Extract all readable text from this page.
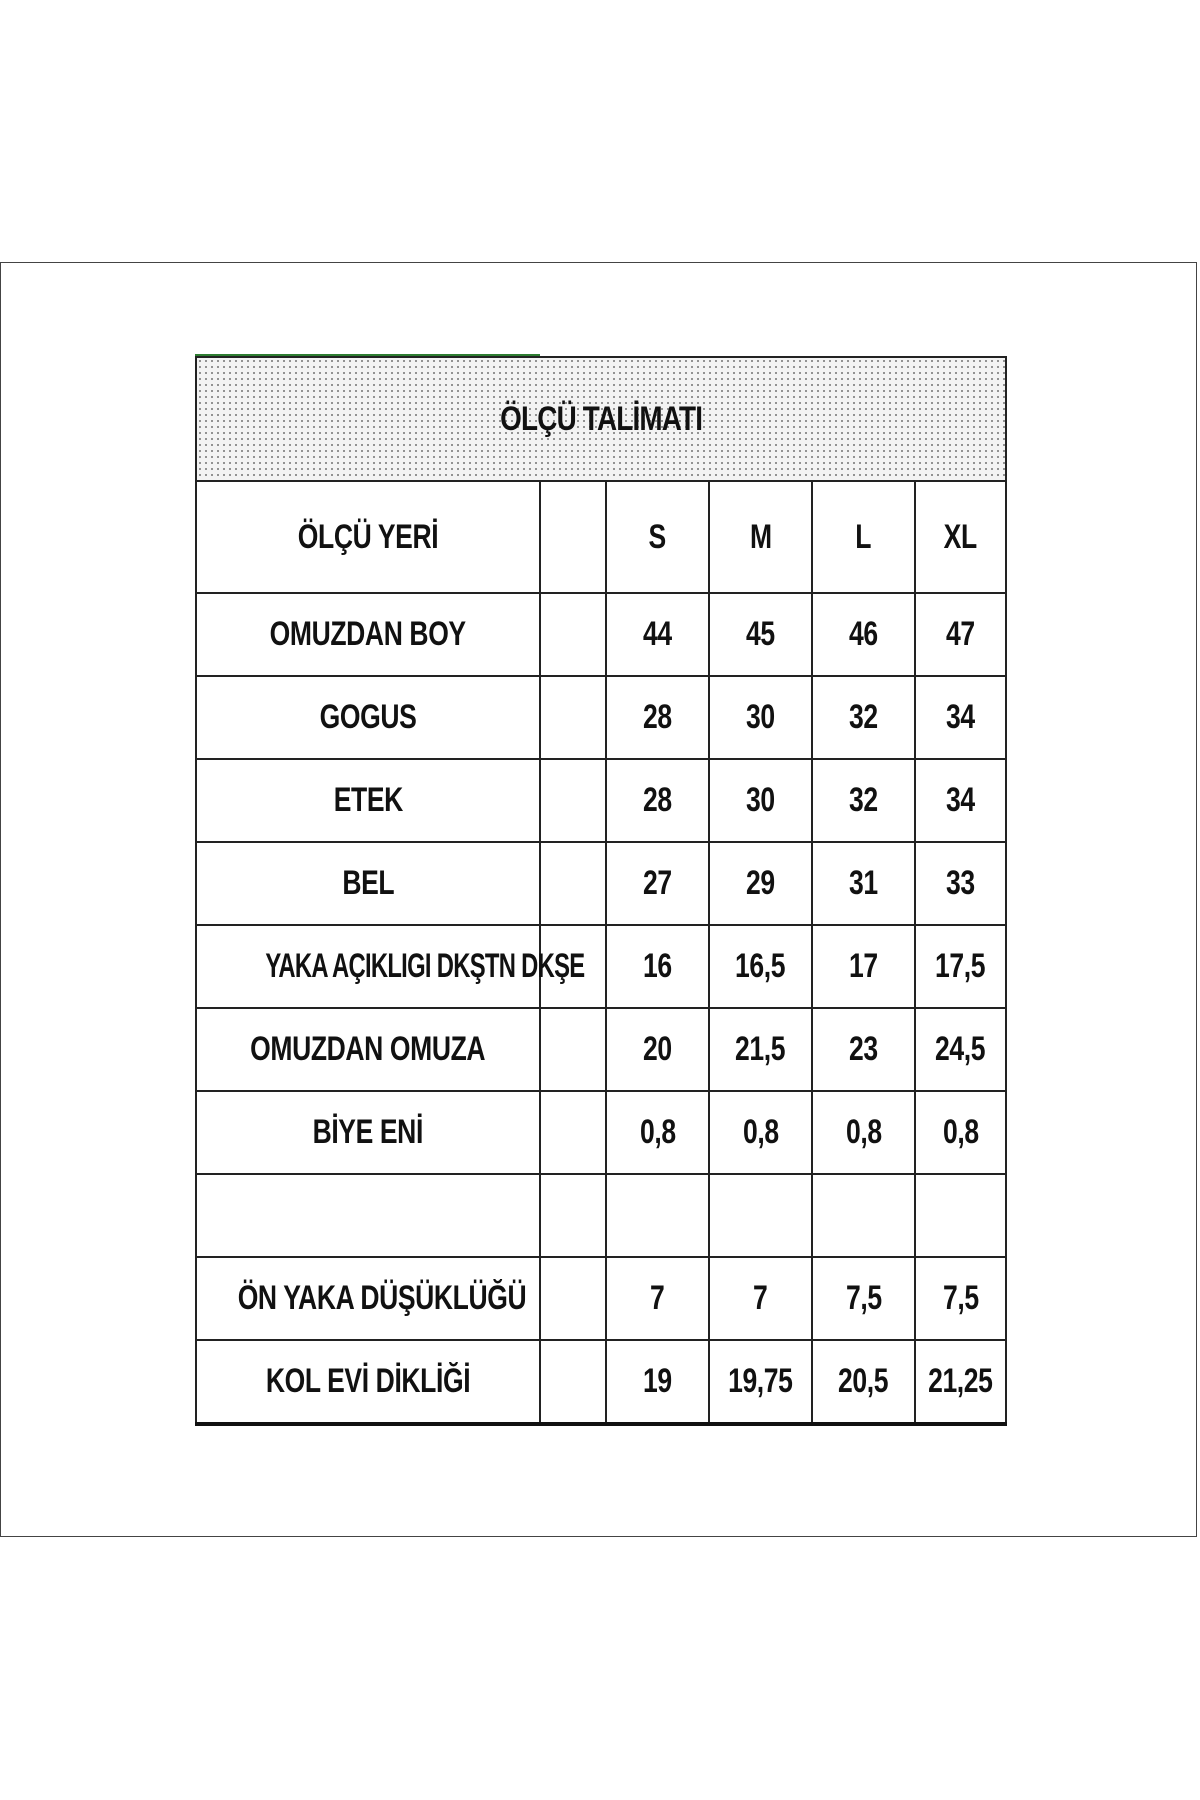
ÖLÇÜ TALİMATI					
ÖLÇÜ YERİ		S	M	L	XL
OMUZDAN BOY		44	45	46	47
GOGUS		28	30	32	34
ETEK		28	30	32	34
BEL		27	29	31	33
YAKA AÇIKLIGI DKŞTN DKŞE		16	16,5	17	17,5
OMUZDAN OMUZA		20	21,5	23	24,5
BİYE ENİ		0,8	0,8	0,8	0,8

ÖN YAKA DÜŞÜKLÜĞÜ		7	7	7,5	7,5
KOL EVİ DİKLİĞİ		19	19,75	20,5	21,25
